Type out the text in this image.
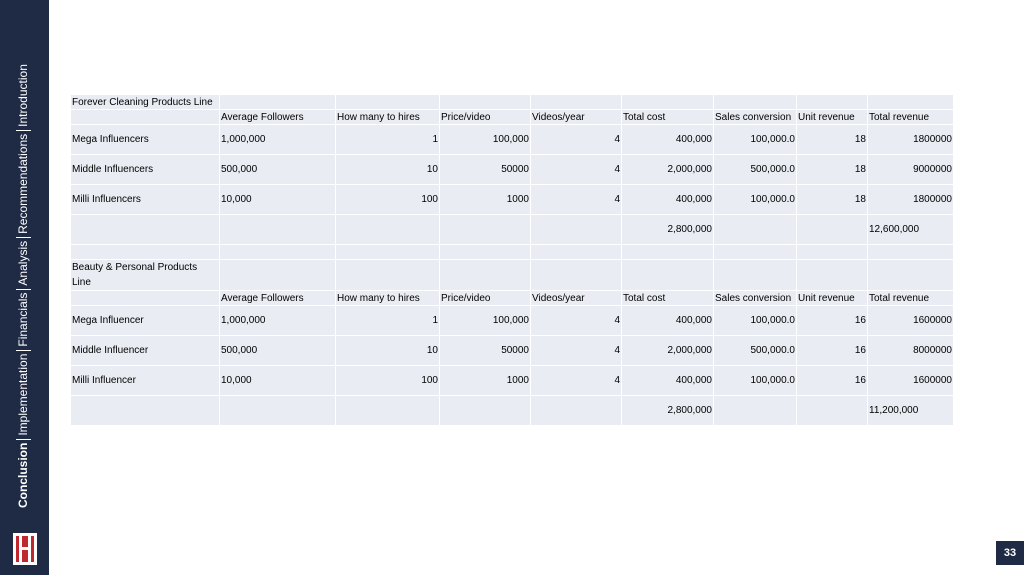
Conclusion
Implementation
Financials
Analysis
Recommendations
Introduction
33
Forever Cleaning Products Line								
	Average Followers	How many to hires	Price/video	Videos/year	Total cost	Sales conversion	Unit revenue	Total revenue
Mega Influencers	1,000,000	1	100,000	4	400,000	100,000.0	18	1800000
Middle Influencers	500,000	10	50000	4	2,000,000	500,000.0	18	9000000
Milli Influencers	10,000	100	1000	4	400,000	100,000.0	18	1800000
					2,800,000			12,600,000

Beauty & Personal Products Line								
	Average Followers	How many to hires	Price/video	Videos/year	Total cost	Sales conversion	Unit revenue	Total revenue
Mega Influencer	1,000,000	1	100,000	4	400,000	100,000.0	16	1600000
Middle Influencer	500,000	10	50000	4	2,000,000	500,000.0	16	8000000
Milli Influencer	10,000	100	1000	4	400,000	100,000.0	16	1600000
					2,800,000			11,200,000
